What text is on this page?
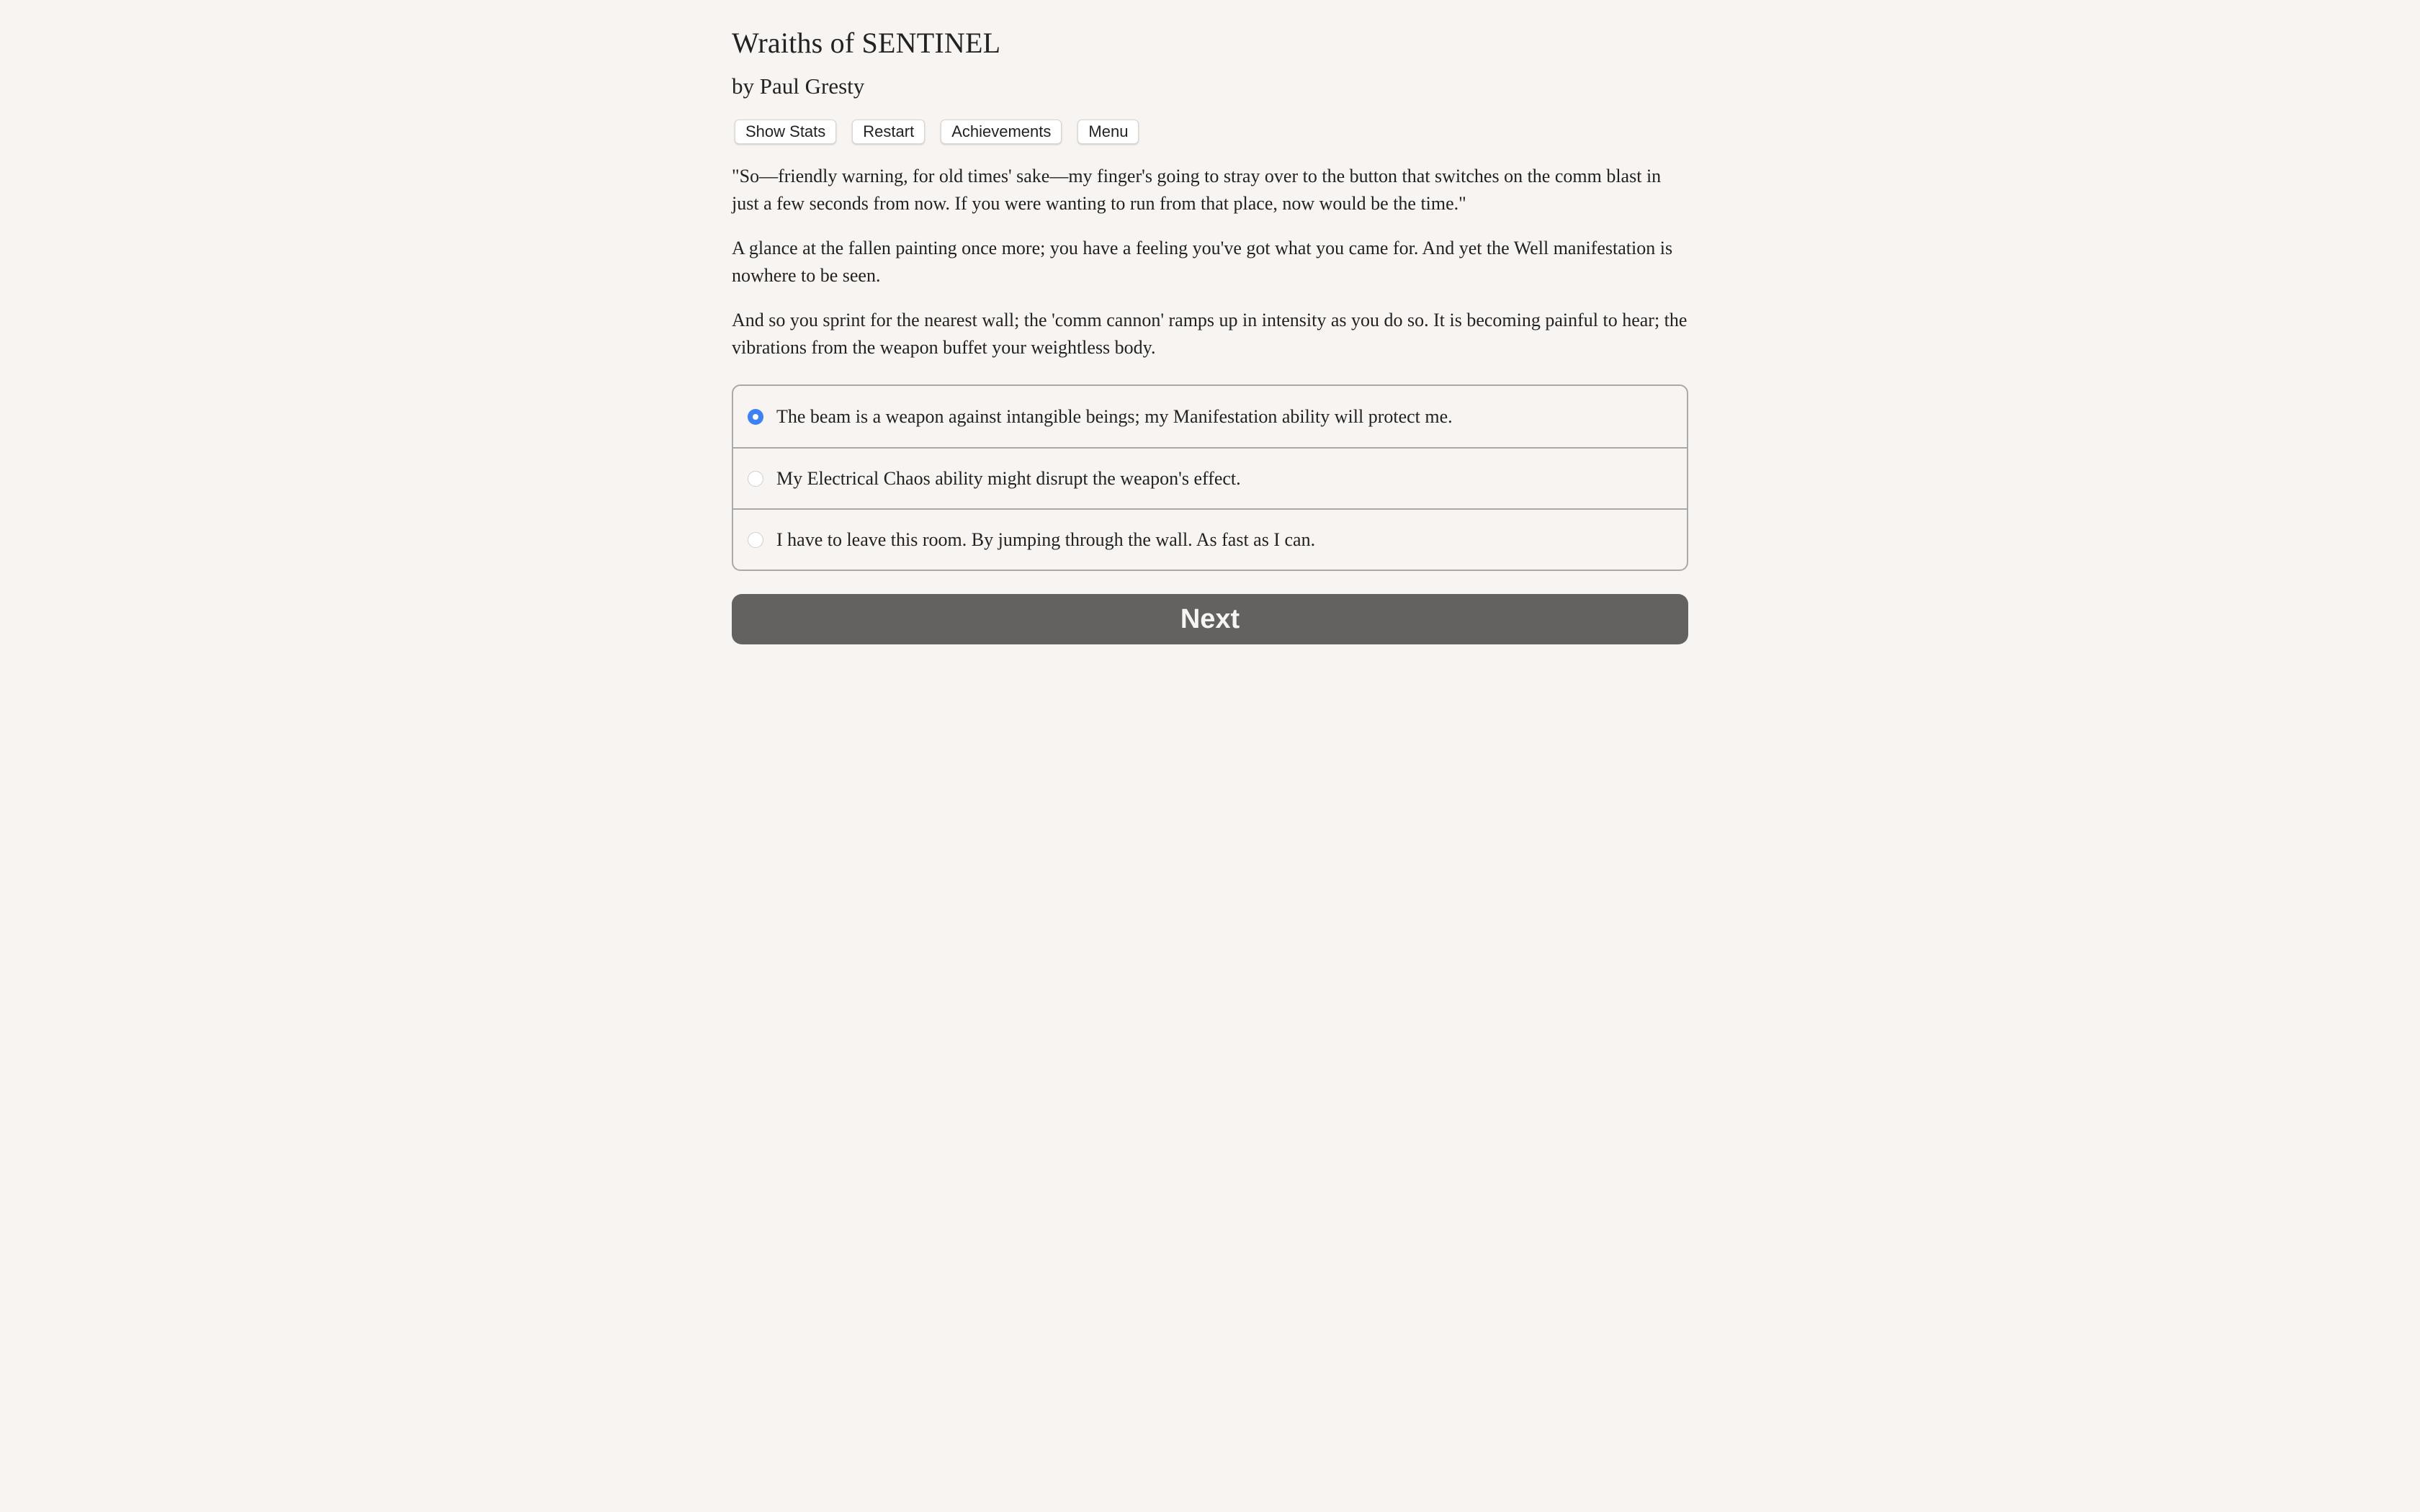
Wraiths of SENTINEL
by Paul Gresty
Show Stats	Restart	Achievements	Menu

"So—friendly warning, for old times' sake—my finger's going to stray over to the button that switches on the comm blast in just a few seconds from now. If you were wanting to run from that place, now would be the time."

A glance at the fallen painting once more; you have a feeling you've got what you came for. And yet the Well manifestation is nowhere to be seen.

And so you sprint for the nearest wall; the 'comm cannon' ramps up in intensity as you do so. It is becoming painful to hear; the vibrations from the weapon buffet your weightless body.

The beam is a weapon against intangible beings; my Manifestation ability will protect me.
My Electrical Chaos ability might disrupt the weapon's effect.
I have to leave this room. By jumping through the wall. As fast as I can.
Next
